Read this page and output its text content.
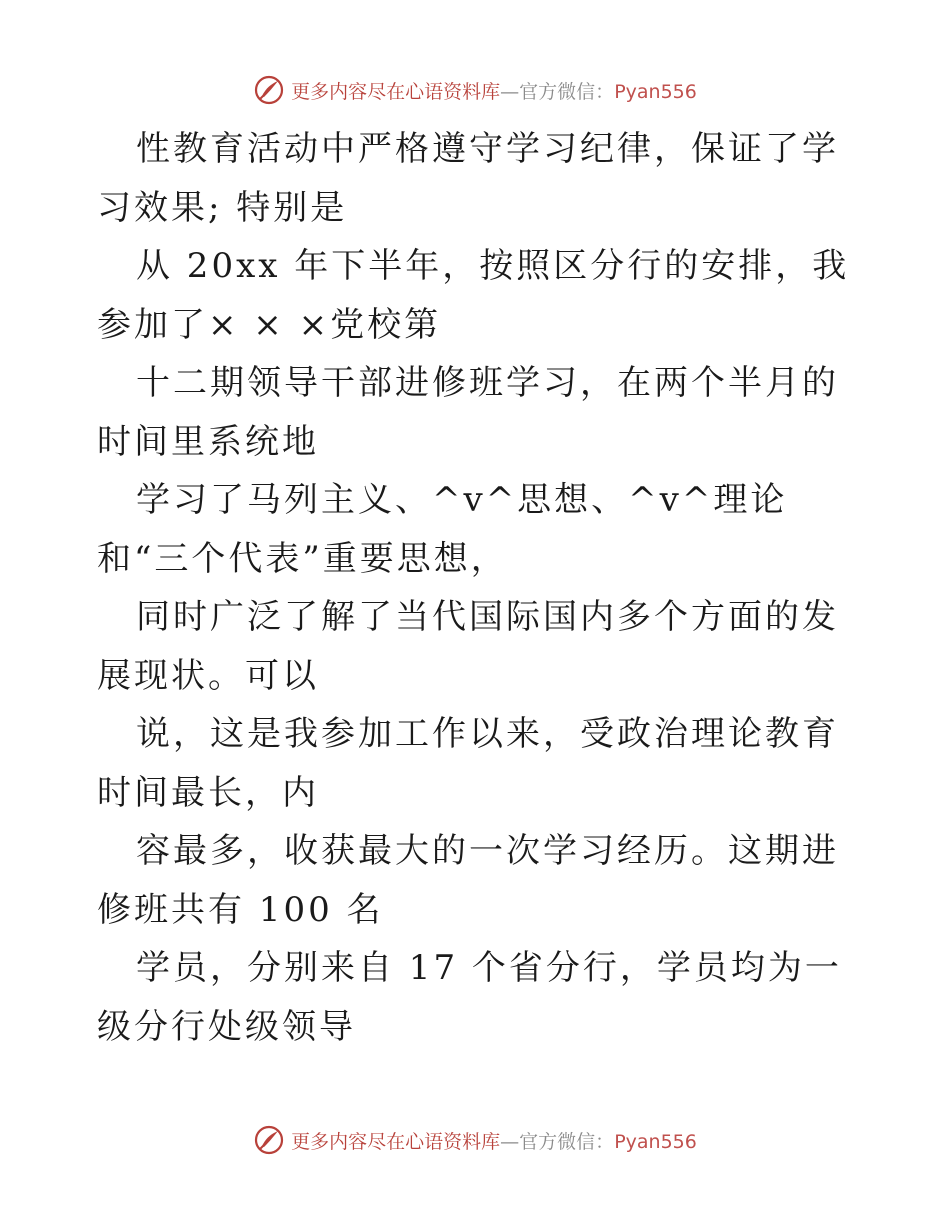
更多内容尽在心语资料库—官方微信：Pyan556

性教育活动中严格遵守学习纪律，保证了学习效果; 特别是

从 20xx 年下半年，按照区分行的安排，我参加了× × ×党校第

十二期领导干部进修班学习，在两个半月的时间里系统地

学习了马列主义、^v^思想、^v^理论和“三个代表”重要思想，

同时广泛了解了当代国际国内多个方面的发展现状。可以

说，这是我参加工作以来，受政治理论教育时间最长，内

容最多，收获最大的一次学习经历。这期进修班共有 100 名

学员，分别来自 17 个省分行，学员均为一级分行处级领导

更多内容尽在心语资料库—官方微信：Pyan556
